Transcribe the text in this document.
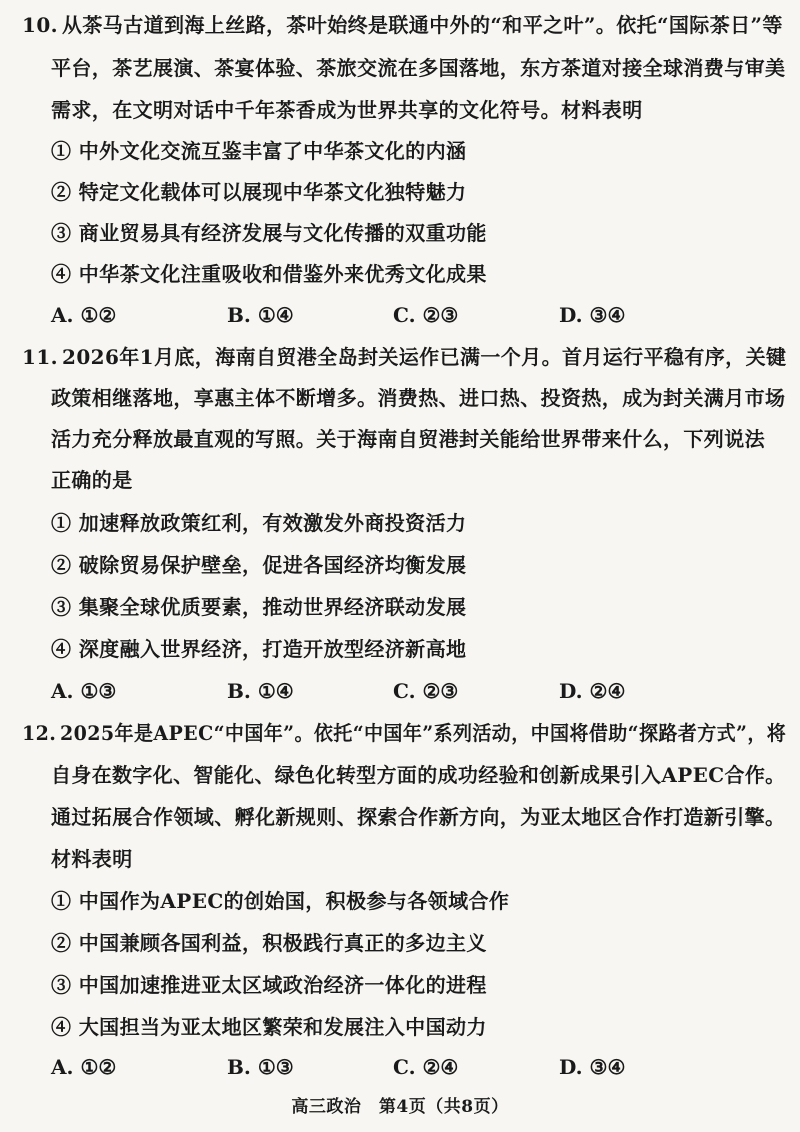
10. 从茶马古道到海上丝路，茶叶始终是联通中外的“和平之叶”。依托“国际茶日”等
平台，茶艺展演、茶宴体验、茶旅交流在多国落地，东方茶道对接全球消费与审美
需求，在文明对话中千年茶香成为世界共享的文化符号。材料表明
① 中外文化交流互鉴丰富了中华茶文化的内涵
② 特定文化载体可以展现中华茶文化独特魅力
③ 商业贸易具有经济发展与文化传播的双重功能
④ 中华茶文化注重吸收和借鉴外来优秀文化成果
A. ①②	B. ①④	C. ②③	D. ③④
11. 2026年1月底，海南自贸港全岛封关运作已满一个月。首月运行平稳有序，关键
政策相继落地，享惠主体不断增多。消费热、进口热、投资热，成为封关满月市场
活力充分释放最直观的写照。关于海南自贸港封关能给世界带来什么，下列说法
正确的是
① 加速释放政策红利，有效激发外商投资活力
② 破除贸易保护壁垒，促进各国经济均衡发展
③ 集聚全球优质要素，推动世界经济联动发展
④ 深度融入世界经济，打造开放型经济新高地
A. ①③	B. ①④	C. ②③	D. ②④
12. 2025年是APEC“中国年”。依托“中国年”系列活动，中国将借助“探路者方式”，将
自身在数字化、智能化、绿色化转型方面的成功经验和创新成果引入APEC合作。
通过拓展合作领域、孵化新规则、探索合作新方向，为亚太地区合作打造新引擎。
材料表明
① 中国作为APEC的创始国，积极参与各领域合作
② 中国兼顾各国利益，积极践行真正的多边主义
③ 中国加速推进亚太区域政治经济一体化的进程
④ 大国担当为亚太地区繁荣和发展注入中国动力
A. ①②	B. ①③	C. ②④	D. ③④
高三政治　第4页（共8页）
